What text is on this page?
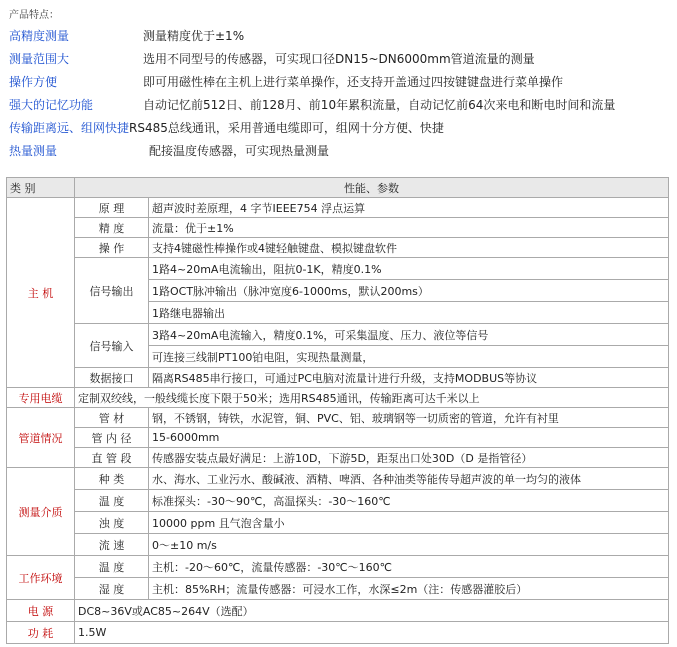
产品特点：
高精度测量	测量精度优于±1%
测量范围大	选用不同型号的传感器，可实现口径DN15~DN6000mm管道流量的测量
操作方便	即可用磁性棒在主机上进行菜单操作，还支持开盖通过四按键键盘进行菜单操作
强大的记忆功能	自动记忆前512日、前128月、前10年累积流量，自动记忆前64次来电和断电时间和流量
传输距离远、组网快捷RS485总线通讯，采用普通电缆即可，组网十分方便、快捷
热量测量	配接温度传感器，可实现热量测量
类 别	性能、参数	
主 机	原 理	超声波时差原理，4 字节IEEE754 浮点运算
	精 度	流量：优于±1%
	操 作	支持4键磁性棒操作或4键轻触键盘、模拟键盘软件
	信号输出	1路4~20mA电流输出，阻抗0-1K，精度0.1%
		1路OCT脉冲输出（脉冲宽度6-1000ms，默认200ms）
		1路继电器输出
	信号输入	3路4~20mA电流输入，精度0.1%，可采集温度、压力、液位等信号
		可连接三线制PT100铂电阻，实现热量测量，
	数据接口	隔离RS485串行接口，可通过PC电脑对流量计进行升级，支持MODBUS等协议

专用电缆	定制双绞线，一般线缆长度下限于50米；选用RS485通讯，传输距离可达千米以上	
管道情况	管 材	钢，不锈钢，铸铁，水泥管，铜、PVC、铝、玻璃钢等一切质密的管道，允许有衬里
	管 内 径	15-6000mm
	直 管 段	传感器安装点最好满足：上游10D，下游5D，距泵出口处30D（D 是指管径）
测量介质	种 类	水、海水、工业污水、酸碱液、酒精、啤酒、各种油类等能传导超声波的单一均匀的液体
	温 度	标准探头：-30～90℃，高温探头：-30～160℃
	浊 度	10000 ppm 且气泡含量小
	流 速	0～±10 m/s
工作环境	温 度	主机：-20～60℃，流量传感器：-30℃～160℃
	湿 度	主机：85%RH；流量传感器：可浸水工作，水深≤2m（注：传感器灌胶后）
电 源	DC8~36V或AC85~264V（选配）	
功 耗	1.5W	
